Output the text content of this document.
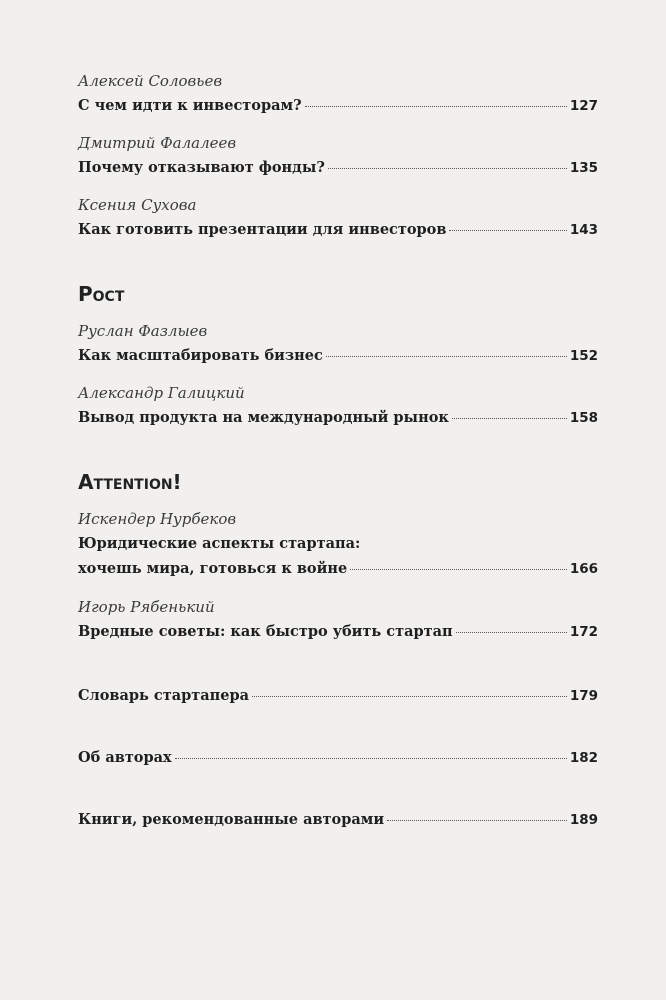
Алексей Соловьев
С чем идти к инвесторам?	127
Дмитрий Фалалеев
Почему отказывают фонды?	135
Ксения Сухова
Как готовить презентации для инвесторов	143
Рост
Руслан Фазлыев
Как масштабировать бизнес	152
Александр Галицкий
Вывод продукта на международный рынок	158
Attention!
Искендер Нурбеков
Юридические аспекты стартапа:
хочешь мира, готовься к войне	166
Игорь Рябенький
Вредные советы: как быстро убить стартап	172
Словарь стартапера	179
Об авторах	182
Книги, рекомендованные авторами	189
